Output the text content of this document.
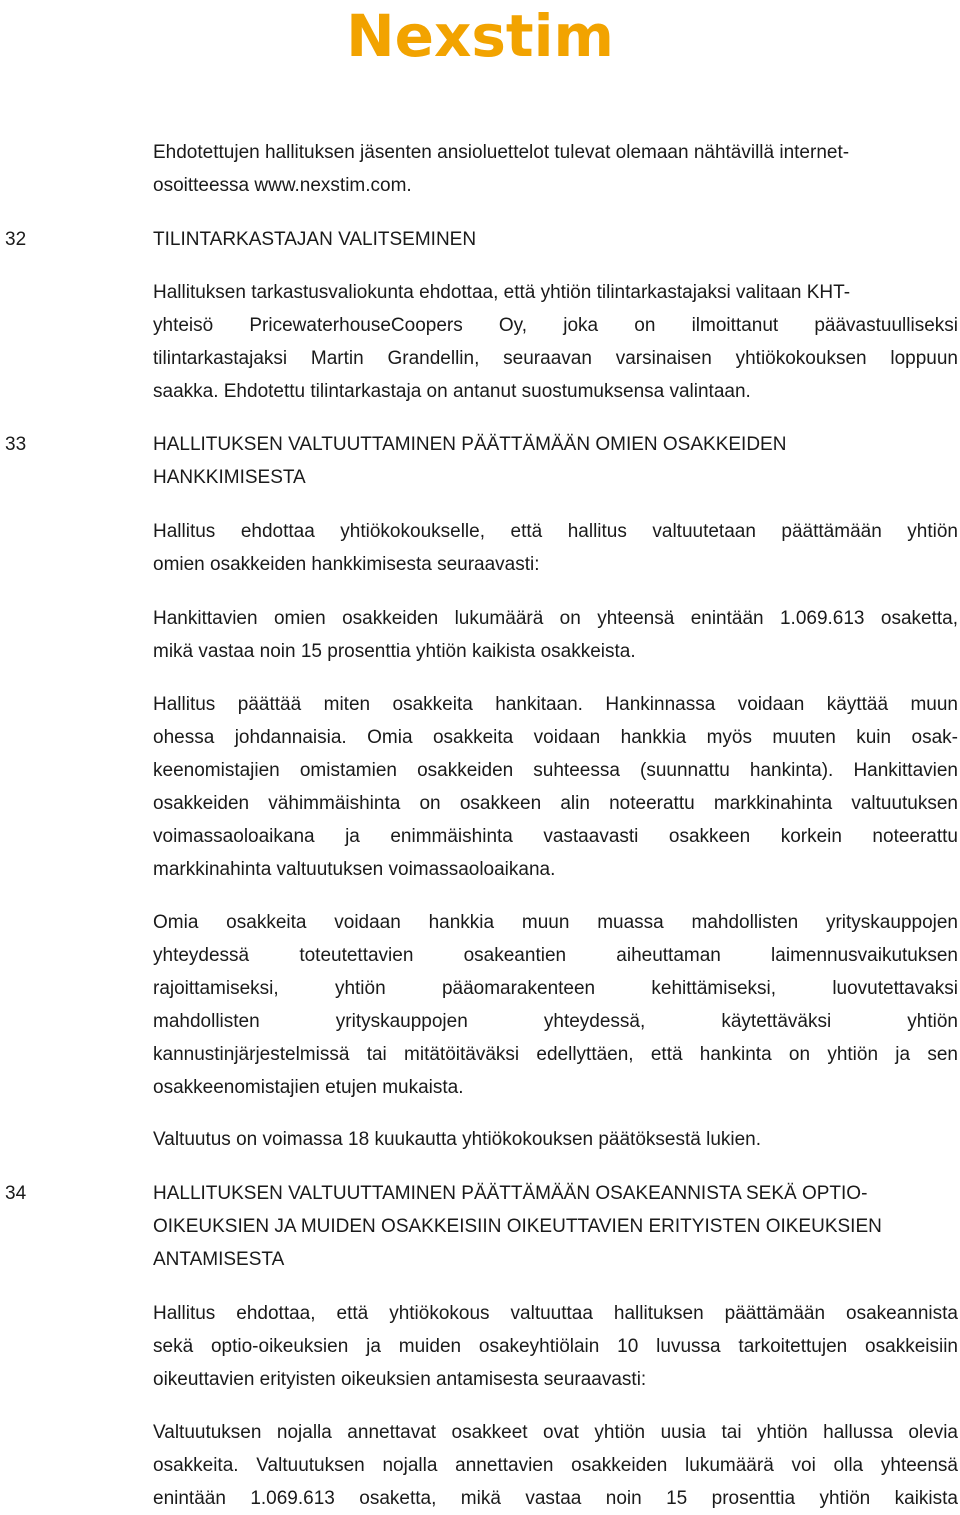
Nexstim
Ehdotettujen hallituksen jäsenten ansioluettelot tulevat olemaan nähtävillä internet-
osoitteessa www.nexstim.com.
32	TILINTARKASTAJAN VALITSEMINEN
Hallituksen tarkastusvaliokunta ehdottaa, että yhtiön tilintarkastajaksi valitaan KHT-
yhteisö PricewaterhouseCoopers Oy, joka on ilmoittanut päävastuulliseksi
tilintarkastajaksi Martin Grandellin, seuraavan varsinaisen yhtiökokouksen loppuun
saakka. Ehdotettu tilintarkastaja on antanut suostumuksensa valintaan.
33	HALLITUKSEN VALTUUTTAMINEN PÄÄTTÄMÄÄN OMIEN OSAKKEIDEN
HANKKIMISESTA
Hallitus ehdottaa yhtiökokoukselle, että hallitus valtuutetaan päättämään yhtiön
omien osakkeiden hankkimisesta seuraavasti:
Hankittavien omien osakkeiden lukumäärä on yhteensä enintään 1.069.613 osaketta,
mikä vastaa noin 15 prosenttia yhtiön kaikista osakkeista.
Hallitus päättää miten osakkeita hankitaan. Hankinnassa voidaan käyttää muun
ohessa johdannaisia. Omia osakkeita voidaan hankkia myös muuten kuin osak-
keenomistajien omistamien osakkeiden suhteessa (suunnattu hankinta). Hankittavien
osakkeiden vähimmäishinta on osakkeen alin noteerattu markkinahinta valtuutuksen
voimassaoloaikana ja enimmäishinta vastaavasti osakkeen korkein noteerattu
markkinahinta valtuutuksen voimassaoloaikana.
Omia osakkeita voidaan hankkia muun muassa mahdollisten yrityskauppojen
yhteydessä toteutettavien osakeantien aiheuttaman laimennusvaikutuksen
rajoittamiseksi, yhtiön pääomarakenteen kehittämiseksi, luovutettavaksi
mahdollisten yrityskauppojen yhteydessä, käytettäväksi yhtiön
kannustinjärjestelmissä tai mitätöitäväksi edellyttäen, että hankinta on yhtiön ja sen
osakkeenomistajien etujen mukaista.
Valtuutus on voimassa 18 kuukautta yhtiökokouksen päätöksestä lukien.
34	HALLITUKSEN VALTUUTTAMINEN PÄÄTTÄMÄÄN OSAKEANNISTA SEKÄ OPTIO-
OIKEUKSIEN JA MUIDEN OSAKKEISIIN OIKEUTTAVIEN ERITYISTEN OIKEUKSIEN
ANTAMISESTA
Hallitus ehdottaa, että yhtiökokous valtuuttaa hallituksen päättämään osakeannista
sekä optio-oikeuksien ja muiden osakeyhtiölain 10 luvussa tarkoitettujen osakkeisiin
oikeuttavien erityisten oikeuksien antamisesta seuraavasti:
Valtuutuksen nojalla annettavat osakkeet ovat yhtiön uusia tai yhtiön hallussa olevia
osakkeita. Valtuutuksen nojalla annettavien osakkeiden lukumäärä voi olla yhteensä
enintään 1.069.613 osaketta, mikä vastaa noin 15 prosenttia yhtiön kaikista
